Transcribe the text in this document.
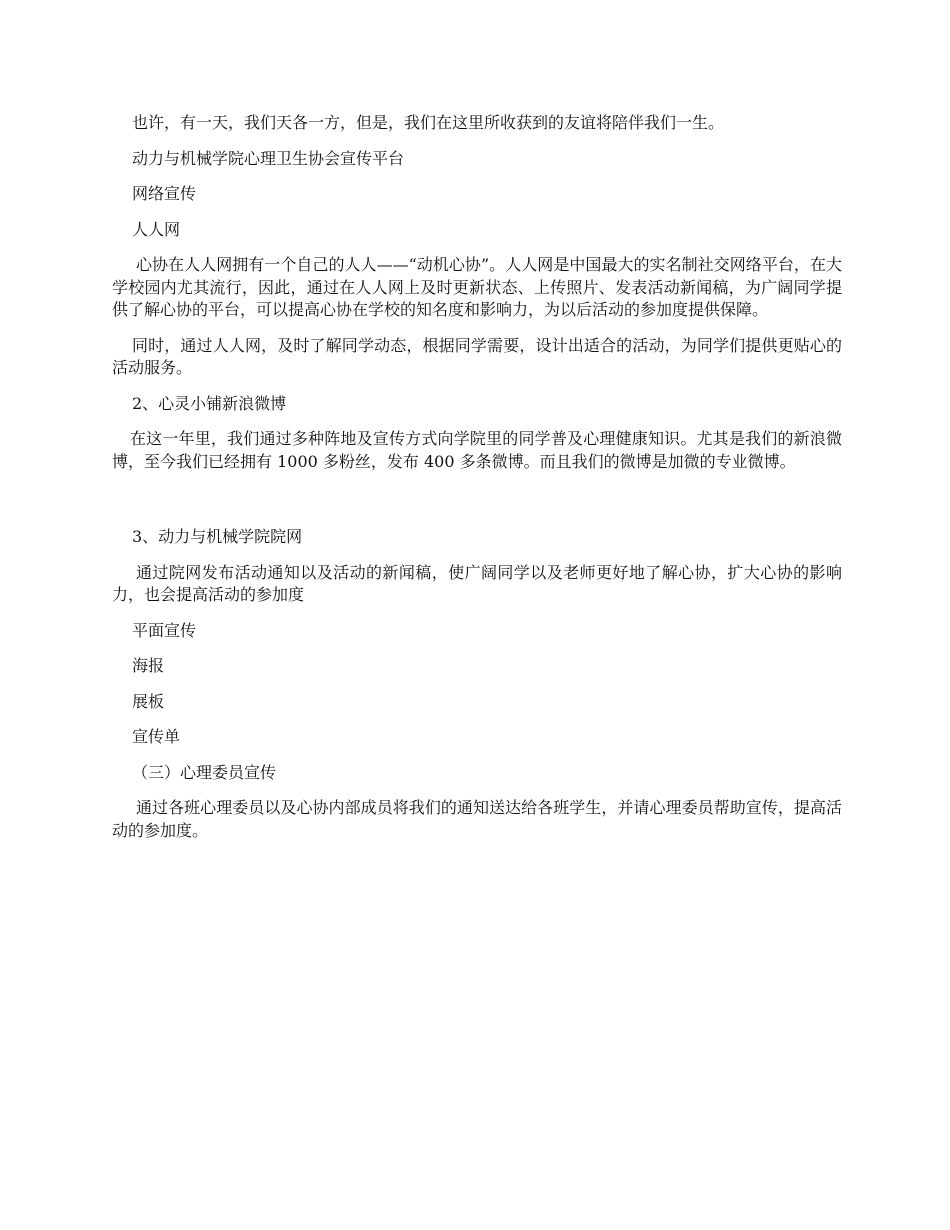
也许，有一天，我们天各一方，但是，我们在这里所收获到的友谊将陪伴我们一生。

动力与机械学院心理卫生协会宣传平台

网络宣传

人人网

心协在人人网拥有一个自己的人人——“动机心协”。人人网是中国最大的实名制社交网络平台，在大学校园内尤其流行，因此，通过在人人网上及时更新状态、上传照片、发表活动新闻稿，为广阔同学提供了解心协的平台，可以提高心协在学校的知名度和影响力，为以后活动的参加度提供保障。

同时，通过人人网，及时了解同学动态，根据同学需要，设计出适合的活动，为同学们提供更贴心的活动服务。

2、心灵小铺新浪微博

在这一年里，我们通过多种阵地及宣传方式向学院里的同学普及心理健康知识。尤其是我们的新浪微博，至今我们已经拥有 1000 多粉丝，发布 400 多条微博。而且我们的微博是加微的专业微博。

3、动力与机械学院院网

通过院网发布活动通知以及活动的新闻稿，使广阔同学以及老师更好地了解心协，扩大心协的影响力，也会提高活动的参加度

平面宣传

海报

展板

宣传单

（三）心理委员宣传

通过各班心理委员以及心协内部成员将我们的通知送达给各班学生，并请心理委员帮助宣传，提高活动的参加度。
